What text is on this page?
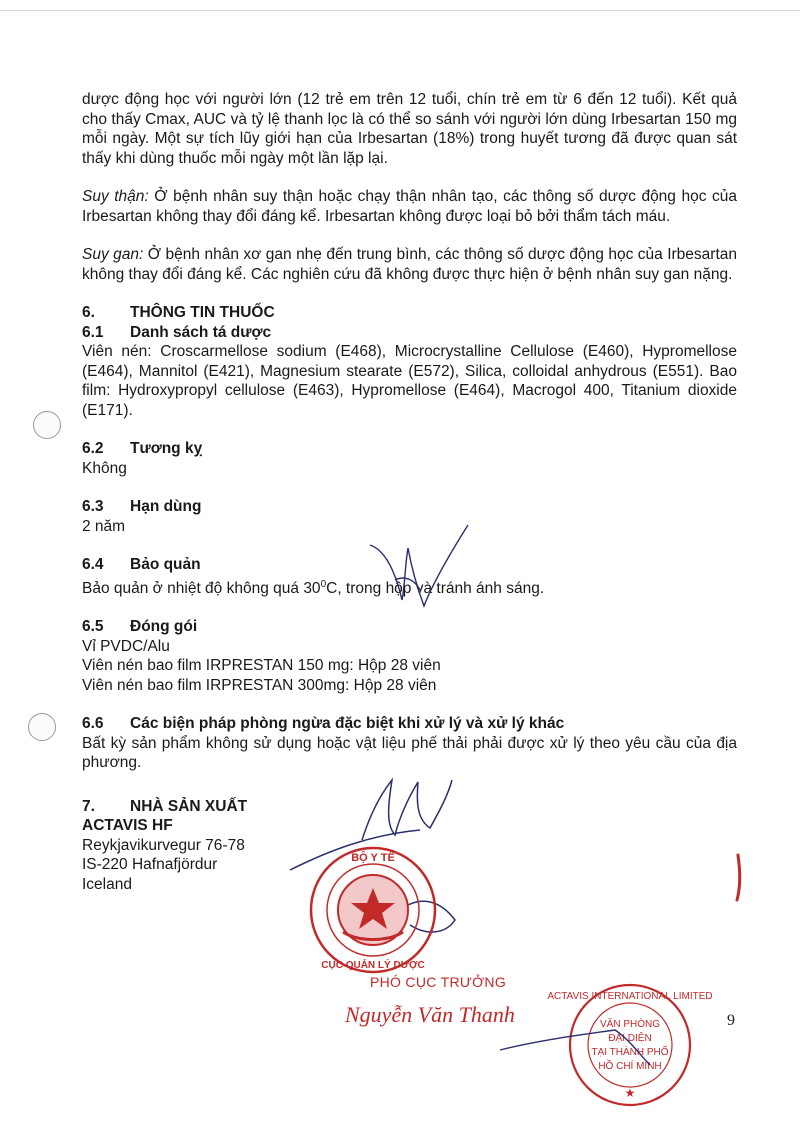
dược động học với người lớn (12 trẻ em trên 12 tuổi, chín trẻ em từ 6 đến 12 tuổi). Kết quả cho thấy Cmax, AUC và tỷ lệ thanh lọc là có thể so sánh với người lớn dùng Irbesartan 150 mg mỗi ngày. Một sự tích lũy giới hạn của Irbesartan (18%) trong huyết tương đã được quan sát thấy khi dùng thuốc mỗi ngày một lần lặp lại.

Suy thận: Ở bệnh nhân suy thận hoặc chạy thận nhân tạo, các thông số dược động học của Irbesartan không thay đổi đáng kể. Irbesartan không được loại bỏ bởi thẩm tách máu.

Suy gan: Ở bệnh nhân xơ gan nhẹ đến trung bình, các thông số dược động học của Irbesartan không thay đổi đáng kể. Các nghiên cứu đã không được thực hiện ở bệnh nhân suy gan nặng.

6.	THÔNG TIN THUỐC
6.1	Danh sách tá dược

Viên nén: Croscarmellose sodium (E468), Microcrystalline Cellulose (E460), Hypromellose (E464), Mannitol (E421), Magnesium stearate (E572), Silica, colloidal anhydrous (E551). Bao film: Hydroxypropyl cellulose (E463), Hypromellose (E464), Macrogol 400, Titanium dioxide (E171).

6.2	Tương kỵ

Không

6.3	Hạn dùng

2 năm

6.4	Bảo quản

Bảo quản ở nhiệt độ không quá $30^0C$, trong hộp và tránh ánh sáng.

6.5	Đóng gói

Vỉ PVDC/Alu

Viên nén bao film IRPRESTAN 150 mg: Hộp 28 viên

Viên nén bao film IRPRESTAN 300mg: Hộp 28 viên

6.6	Các biện pháp phòng ngừa đặc biệt khi xử lý và xử lý khác

Bất kỳ sản phẩm không sử dụng hoặc vật liệu phế thải phải được xử lý theo yêu cầu của địa phương.

7.	NHÀ SẢN XUẤT

ACTAVIS HF

Reykjavikurvegur 76-78

IS-220 Hafnafjördur

Iceland

BỘ Y TẾ
CỤC QUẢN LÝ DƯỢC
ACTAVIS INTERNATIONAL LIMITED
VĂN PHÒNG
ĐẠI DIỆN
TẠI THÀNH PHỐ
HỒ CHÍ MINH
★
PHÓ CỤC TRƯỞNG
Nguyễn Văn Thanh	9
